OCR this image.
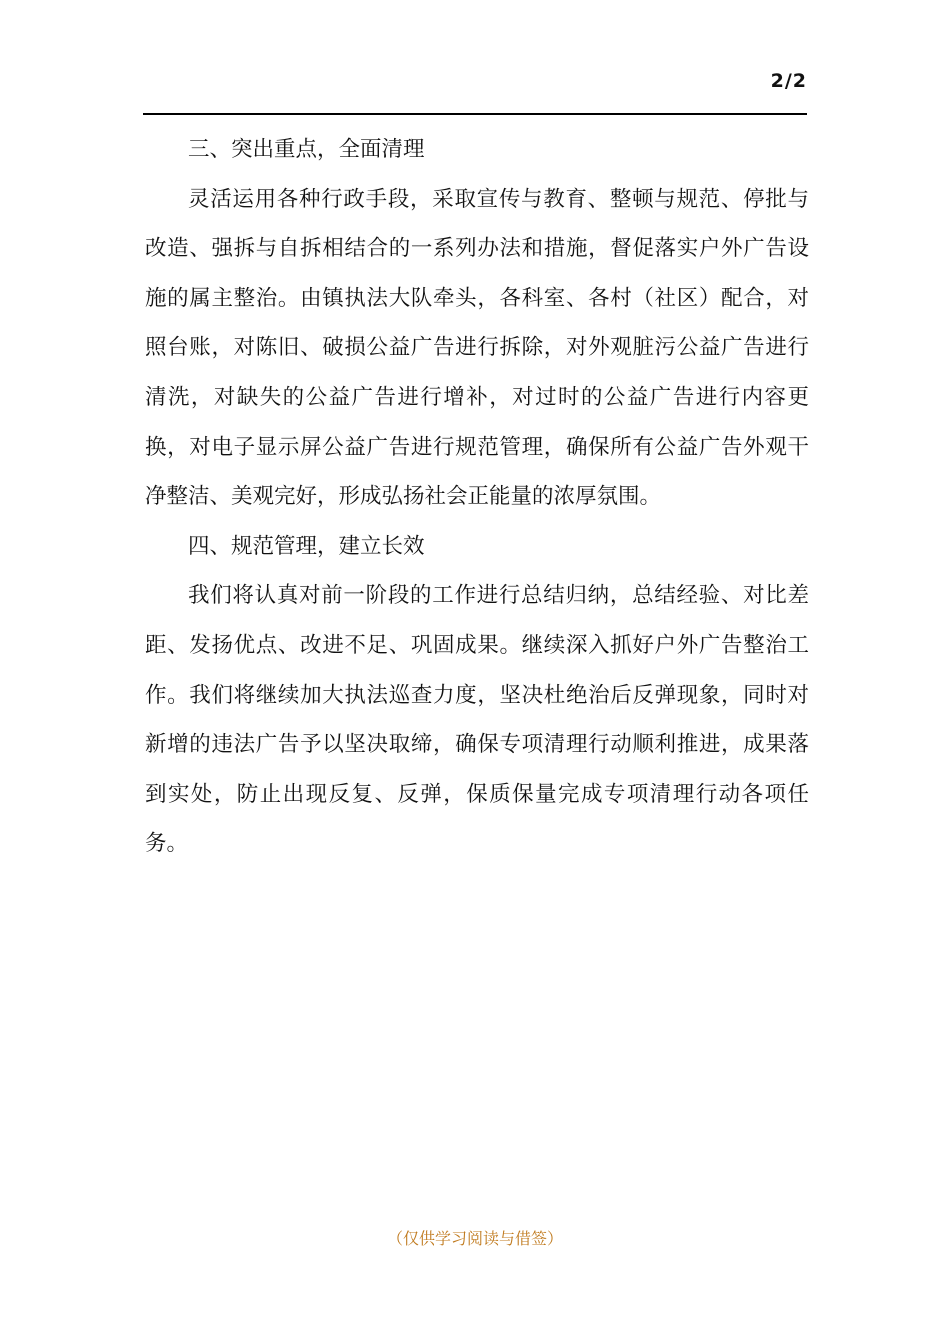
2/2

三、突出重点，全面清理

灵活运用各种行政手段，采取宣传与教育、整顿与规范、停批与改造、强拆与自拆相结合的一系列办法和措施，督促落实户外广告设施的属主整治。由镇执法大队牵头，各科室、各村（社区）配合，对照台账，对陈旧、破损公益广告进行拆除，对外观脏污公益广告进行清洗，对缺失的公益广告进行增补，对过时的公益广告进行内容更换，对电子显示屏公益广告进行规范管理，确保所有公益广告外观干净整洁、美观完好，形成弘扬社会正能量的浓厚氛围。

四、规范管理，建立长效

我们将认真对前一阶段的工作进行总结归纳，总结经验、对比差距、发扬优点、改进不足、巩固成果。继续深入抓好户外广告整治工作。我们将继续加大执法巡查力度，坚决杜绝治后反弹现象，同时对新增的违法广告予以坚决取缔，确保专项清理行动顺利推进，成果落到实处，防止出现反复、反弹，保质保量完成专项清理行动各项任务。

（仅供学习阅读与借签）
